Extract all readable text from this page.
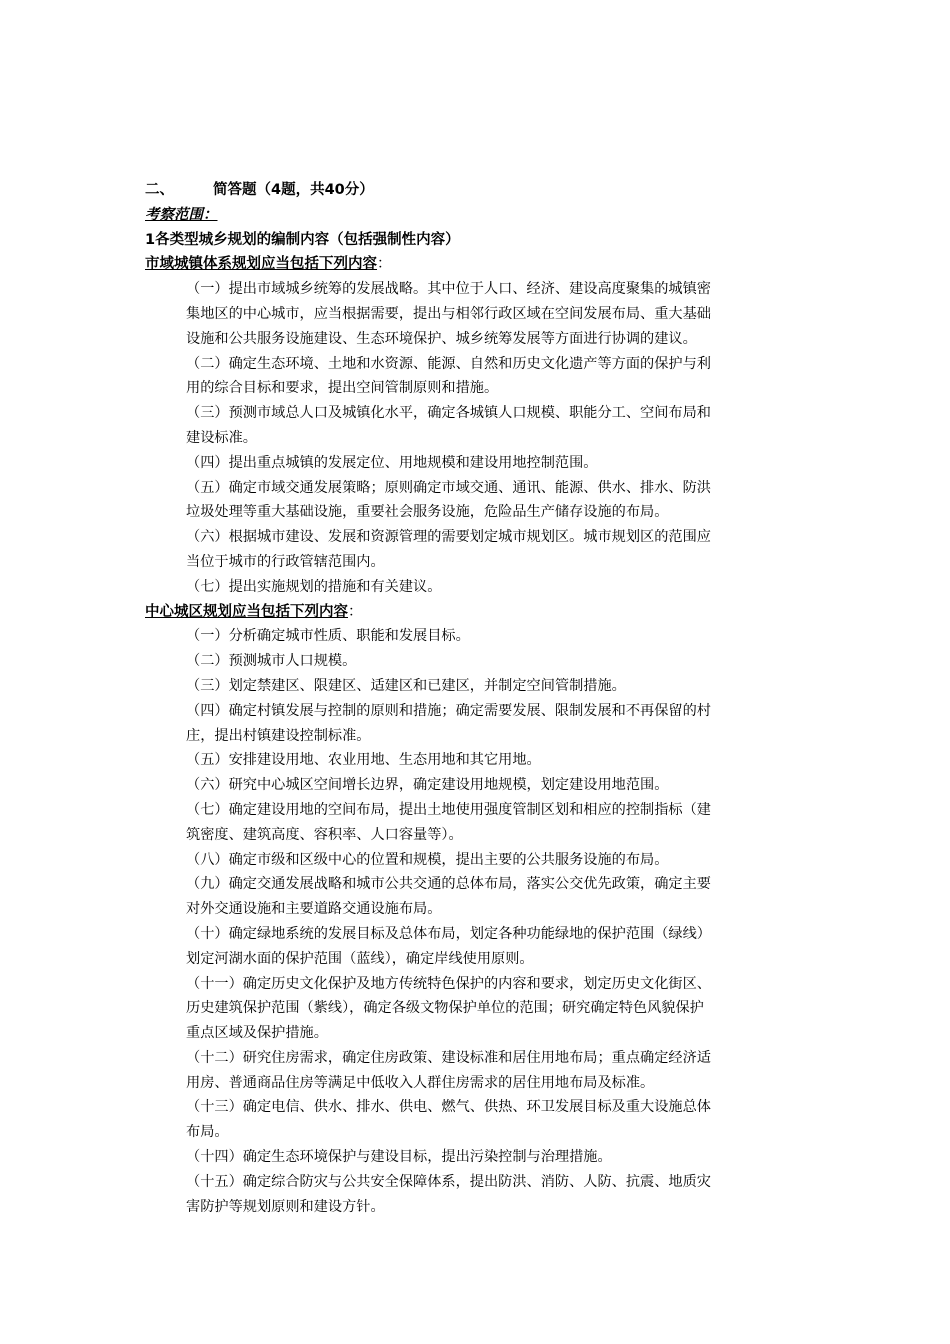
二、	简答题（4题，共40分）
考察范围：
1各类型城乡规划的编制内容（包括强制性内容）
市域城镇体系规划应当包括下列内容：
（一）提出市域城乡统筹的发展战略。其中位于人口、经济、建设高度聚集的城镇密
集地区的中心城市，应当根据需要，提出与相邻行政区域在空间发展布局、重大基础
设施和公共服务设施建设、生态环境保护、城乡统筹发展等方面进行协调的建议。
（二）确定生态环境、土地和水资源、能源、自然和历史文化遗产等方面的保护与利
用的综合目标和要求，提出空间管制原则和措施。
（三）预测市域总人口及城镇化水平，确定各城镇人口规模、职能分工、空间布局和
建设标准。
（四）提出重点城镇的发展定位、用地规模和建设用地控制范围。
（五）确定市域交通发展策略；原则确定市域交通、通讯、能源、供水、排水、防洪
垃圾处理等重大基础设施，重要社会服务设施，危险品生产储存设施的布局。
（六）根据城市建设、发展和资源管理的需要划定城市规划区。城市规划区的范围应
当位于城市的行政管辖范围内。
（七）提出实施规划的措施和有关建议。
中心城区规划应当包括下列内容：
（一）分析确定城市性质、职能和发展目标。
（二）预测城市人口规模。
（三）划定禁建区、限建区、适建区和已建区，并制定空间管制措施。
（四）确定村镇发展与控制的原则和措施；确定需要发展、限制发展和不再保留的村
庄，提出村镇建设控制标准。
（五）安排建设用地、农业用地、生态用地和其它用地。
（六）研究中心城区空间增长边界，确定建设用地规模，划定建设用地范围。
（七）确定建设用地的空间布局，提出土地使用强度管制区划和相应的控制指标（建
筑密度、建筑高度、容积率、人口容量等）。
（八）确定市级和区级中心的位置和规模，提出主要的公共服务设施的布局。
（九）确定交通发展战略和城市公共交通的总体布局，落实公交优先政策，确定主要
对外交通设施和主要道路交通设施布局。
（十）确定绿地系统的发展目标及总体布局，划定各种功能绿地的保护范围（绿线）
划定河湖水面的保护范围（蓝线），确定岸线使用原则。
（十一）确定历史文化保护及地方传统特色保护的内容和要求，划定历史文化街区、
历史建筑保护范围（紫线），确定各级文物保护单位的范围；研究确定特色风貌保护
重点区域及保护措施。
（十二）研究住房需求，确定住房政策、建设标准和居住用地布局；重点确定经济适
用房、普通商品住房等满足中低收入人群住房需求的居住用地布局及标准。
（十三）确定电信、供水、排水、供电、燃气、供热、环卫发展目标及重大设施总体
布局。
（十四）确定生态环境保护与建设目标，提出污染控制与治理措施。
（十五）确定综合防灾与公共安全保障体系，提出防洪、消防、人防、抗震、地质灾
害防护等规划原则和建设方针。
